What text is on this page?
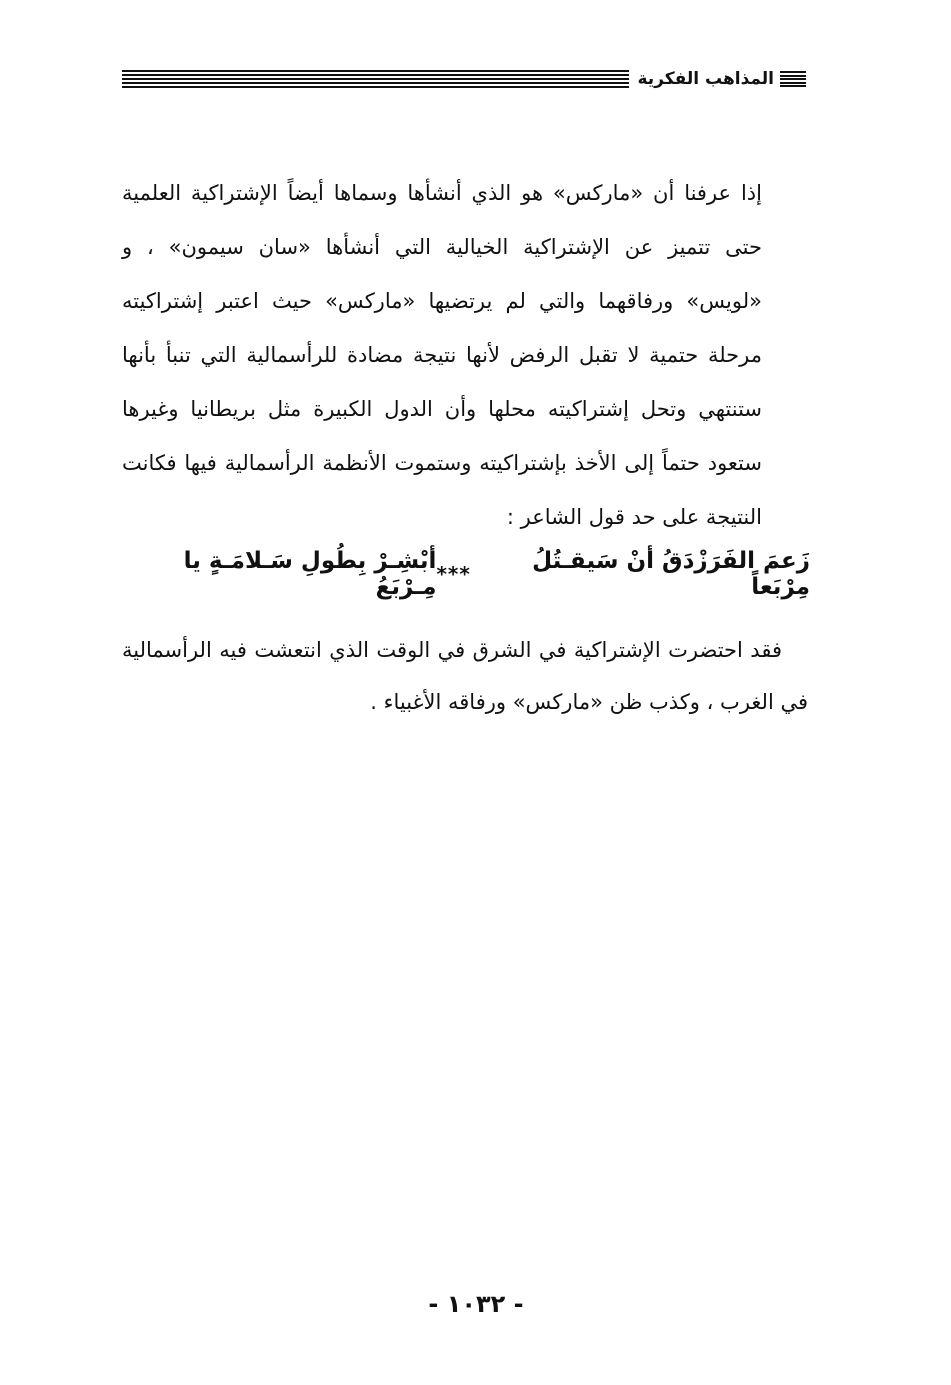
المذاهب الفكرية

إذا عرفنا أن «ماركس» هو الذي أنشأها وسماها أيضاً الإشتراكية العلمية حتى تتميز عن الإشتراكية الخيالية التي أنشأها «سان سيمون» ، و «لويس» ورفاقهما والتي لم يرتضيها «ماركس» حيث اعتبر إشتراكيته مرحلة حتمية لا تقبل الرفض لأنها نتيجة مضادة للرأسمالية التي تنبأ بأنها ستنتهي وتحل إشتراكيته محلها وأن الدول الكبيرة مثل بريطانيا وغيرها ستعود حتماً إلى الأخذ بإشتراكيته وستموت الأنظمة الرأسمالية فيها فكانت النتيجة على حد قول الشاعر :

زَعمَ الفَرَزْدَقُ أنْ سَيقـتُلُ مِرْبَعاً
***
أبْشِـرْ بِطُولِ سَـلامَـةٍ يا مِـرْبَعُ

فقد احتضرت الإشتراكية في الشرق في الوقت الذي انتعشت فيه الرأسمالية في الغرب ، وكذب ظن «ماركس» ورفاقه الأغبياء .

- ١٠٣٢ -
